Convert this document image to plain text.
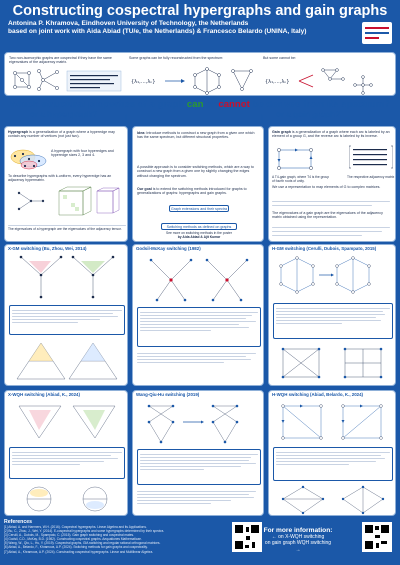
Constructing cospectral hypergraphs and gain graphs
Antonina P. Khramova, Eindhoven University of Technology, the Netherlands
based on joint work with Aida Abiad (TU/e, the Netherlands) & Francesco Belardo (UNINA, Italy)
Two non-isomorphic graphs are cospectral if they have the same eigenvalues of the adjacency matrix.
Some graphs can be fully reconstructed from the spectrum:
{λ₁,…,λₙ}
But some cannot be:
{λ₁,…,λₙ}
Which structural properties of a graph can or cannot be derived from its spectrum?
or a hypergraph?	or a gain graph?
Hypergraph is a generalization of a graph where a hyperedge may contain any number of vertices (not just two).
A hypergraph with four hyperedges and hyperedge sizes 2, 3 and 4.
To describe hypergraphs with k-uniform, every hyperedge has an adjacency hypermatrix.
The eigenvalues of a hypergraph are the eigenvalues of the adjacency tensor.
Idea: Introduce methods to construct a new graph from a given one which has the same spectrum, but different structural properties.
A possible approach is to consider switching methods, which are a way to construct a new graph from a given one by slightly changing the edges without changing the spectrum.
Our goal is to extend the switching methods introduced for graphs to generalizations of graphs: hypergraphs and gain graphs.
Graph extensions and their spectra
Switching methods as defined on graphs
See more on switching methods in the poster
by Aida Abiad & Ajit Kumar
Gain graph is a generalization of a graph where each arc is labeled by an element of a group G, and the reverse arc is labeled by its inverse.
A T4-gain graph, where T4 is the group of fourth roots of unity.
The respective adjacency matrix
We use a representation to map elements of G to complex matrices.
The eigenvalues of a gain graph are the eigenvalues of the adjacency matrix obtained using the representation.
X-GM switching (Bu, Zhou, Wei, 2014)	Godsil-McKay switching (1982)	H-GM switching (Cerulli, Dubois, Spampato, 2015)
X-WQH switching (Abiad, K., 2024)	Wang-Qiu-Hu switching (2019)	H-WQH switching (Abiad, Belardo, K., 2024)
References
[1] Abiad, A. and Haemers, W.H. (2016). Cospectral hypergraphs. Linear Algebra and its Applications.
[2] Bu, C., Zhou, J., Wei, Y. (2014). E-cospectral hypergraphs and some hypergraphs determined by their spectra.
[3] Cerulli, A., Dubois, M., Spampato, C. (2015). Gain graph switching and cospectral mates.
[4] Godsil, C.D., McKay, B.D. (1982). Constructing cospectral graphs. Aequationes Mathematicae.
[5] Wang, W., Qiu, L., Hu, Y. (2019). Cospectral graphs, GM-switching and regular rational orthogonal matrices.
[6] Abiad, A., Belardo, F., Khramova, A.P. (2024). Switching methods for gain graphs and cospectrality.
[7] Abiad, A., Khramova, A.P. (2024). Constructing cospectral hypergraphs. Linear and Multilinear Algebra.
For more information:
← on X-WQH switching
on gain graph WQH switching →
